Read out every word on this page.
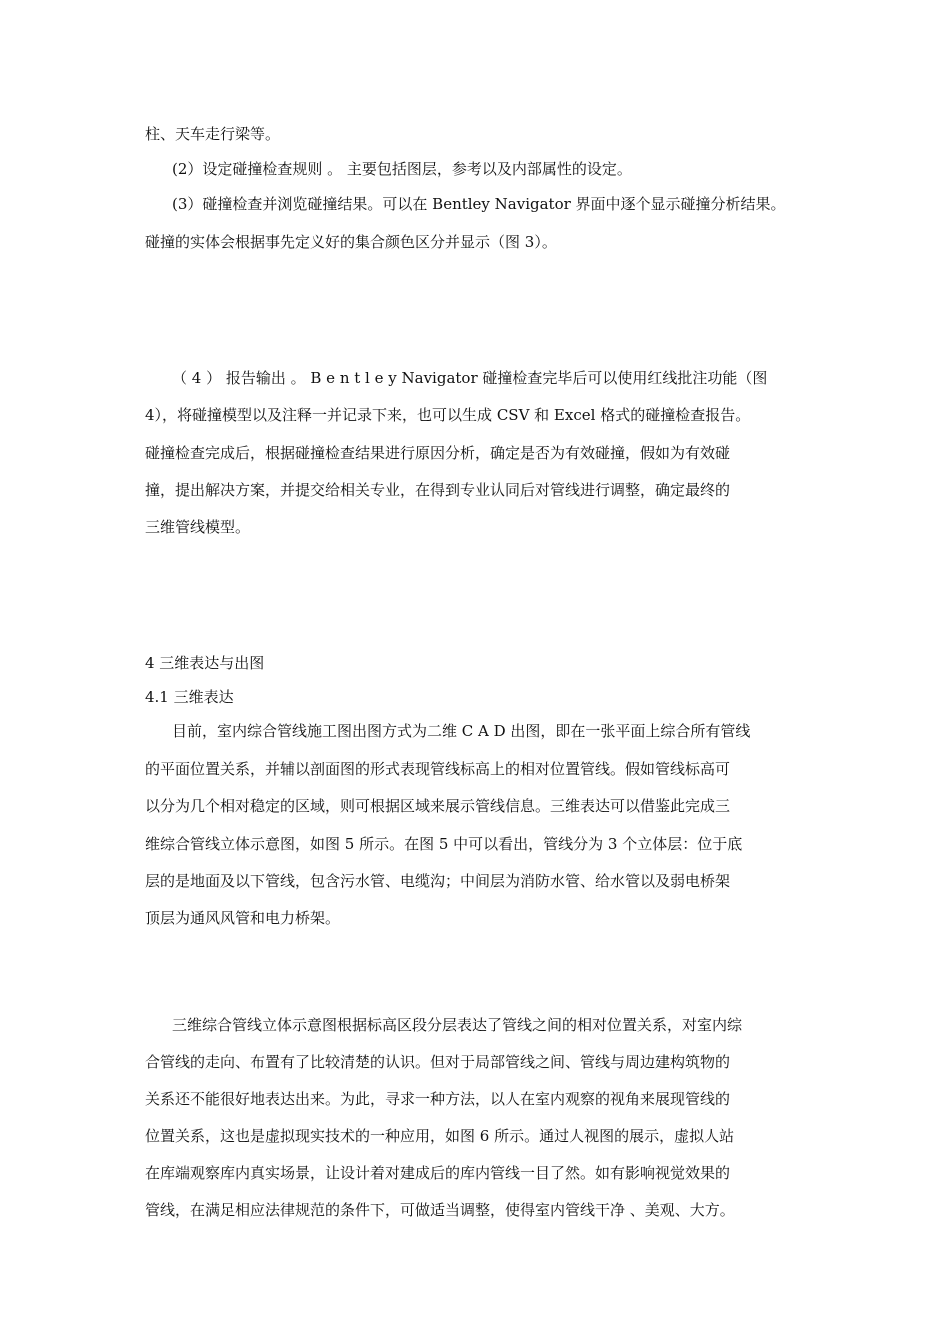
柱、天车走行梁等。
(2）设定碰撞检查规则 。 主要包括图层，参考以及内部属性的设定。
(3）碰撞检查并浏览碰撞结果。可以在 Bentley Navigator 界面中逐个显示碰撞分析结果。
碰撞的实体会根据事先定义好的集合颜色区分并显示（图 3）。
（ 4 ） 报告输出 。 B e n t l e y Navigator 碰撞检查完毕后可以使用红线批注功能（图
4），将碰撞模型以及注释一并记录下来，也可以生成 CSV 和 Excel 格式的碰撞检查报告。
碰撞检查完成后，根据碰撞检查结果进行原因分析，确定是否为有效碰撞，假如为有效碰
撞，提出解决方案，并提交给相关专业，在得到专业认同后对管线进行调整，确定最终的
三维管线模型。
4 三维表达与出图
4.1 三维表达
目前，室内综合管线施工图出图方式为二维 C A D 出图，即在一张平面上综合所有管线
的平面位置关系，并辅以剖面图的形式表现管线标高上的相对位置管线。假如管线标高可
以分为几个相对稳定的区域，则可根据区域来展示管线信息。三维表达可以借鉴此完成三
维综合管线立体示意图，如图 5 所示。在图 5 中可以看出，管线分为 3 个立体层：位于底
层的是地面及以下管线，包含污水管、电缆沟；中间层为消防水管、给水管以及弱电桥架
顶层为通风风管和电力桥架。
三维综合管线立体示意图根据标高区段分层表达了管线之间的相对位置关系，对室内综
合管线的走向、布置有了比较清楚的认识。但对于局部管线之间、管线与周边建构筑物的
关系还不能很好地表达出来。为此，寻求一种方法，以人在室内观察的视角来展现管线的
位置关系，这也是虚拟现实技术的一种应用，如图 6 所示。通过人视图的展示，虚拟人站
在库端观察库内真实场景，让设计着对建成后的库内管线一目了然。如有影响视觉效果的
管线，在满足相应法律规范的条件下，可做适当调整，使得室内管线干净 、美观、大方。
